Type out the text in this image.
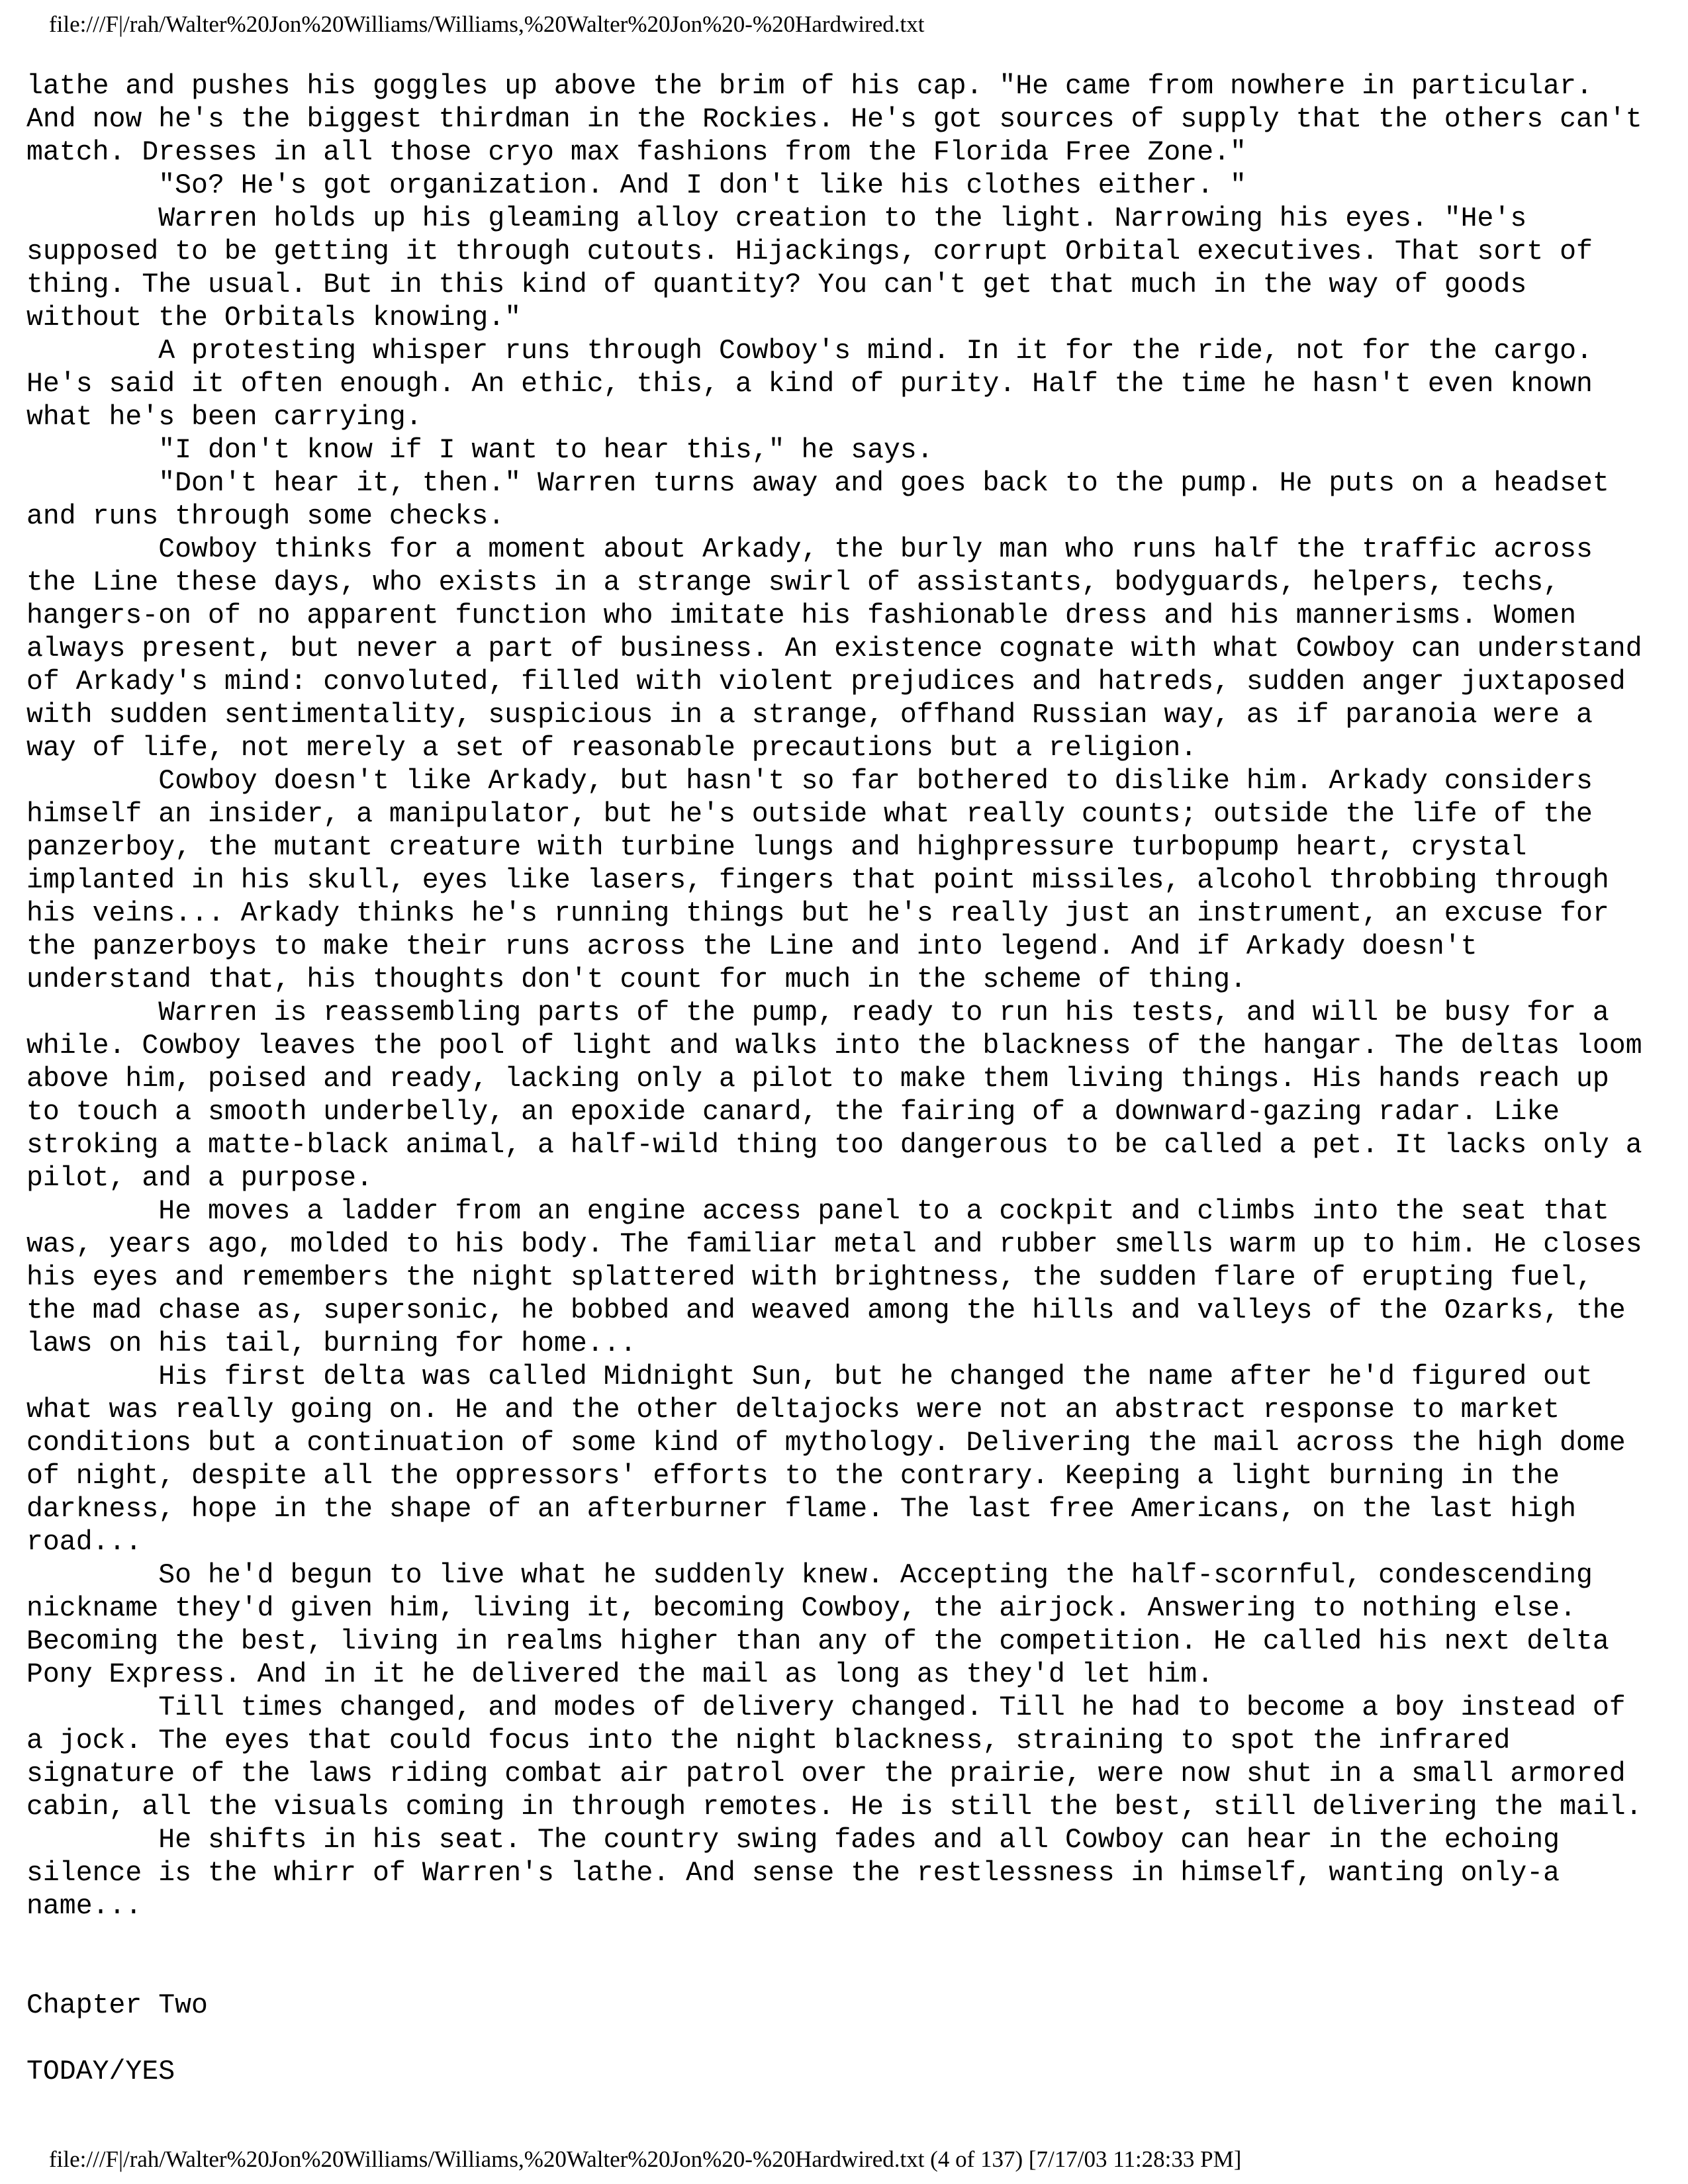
file:///F|/rah/Walter%20Jon%20Williams/Williams,%20Walter%20Jon%20-%20Hardwired.txt
lathe and pushes his goggles up above the brim of his cap. "He came from nowhere in particular.
And now he's the biggest thirdman in the Rockies. He's got sources of supply that the others can't
match. Dresses in all those cryo max fashions from the Florida Free Zone."
"So? He's got organization. And I don't like his clothes either. "
Warren holds up his gleaming alloy creation to the light. Narrowing his eyes. "He's
supposed to be getting it through cutouts. Hijackings, corrupt Orbital executives. That sort of
thing. The usual. But in this kind of quantity? You can't get that much in the way of goods
without the Orbitals knowing."
A protesting whisper runs through Cowboy's mind. In it for the ride, not for the cargo.
He's said it often enough. An ethic, this, a kind of purity. Half the time he hasn't even known
what he's been carrying.
"I don't know if I want to hear this," he says.
"Don't hear it, then." Warren turns away and goes back to the pump. He puts on a headset
and runs through some checks.
Cowboy thinks for a moment about Arkady, the burly man who runs half the traffic across
the Line these days, who exists in a strange swirl of assistants, bodyguards, helpers, techs,
hangers-on of no apparent function who imitate his fashionable dress and his mannerisms. Women
always present, but never a part of business. An existence cognate with what Cowboy can understand
of Arkady's mind: convoluted, filled with violent prejudices and hatreds, sudden anger juxtaposed
with sudden sentimentality, suspicious in a strange, offhand Russian way, as if paranoia were a
way of life, not merely a set of reasonable precautions but a religion.
Cowboy doesn't like Arkady, but hasn't so far bothered to dislike him. Arkady considers
himself an insider, a manipulator, but he's outside what really counts; outside the life of the
panzerboy, the mutant creature with turbine lungs and highpressure turbopump heart, crystal
implanted in his skull, eyes like lasers, fingers that point missiles, alcohol throbbing through
his veins... Arkady thinks he's running things but he's really just an instrument, an excuse for
the panzerboys to make their runs across the Line and into legend. And if Arkady doesn't
understand that, his thoughts don't count for much in the scheme of thing.
Warren is reassembling parts of the pump, ready to run his tests, and will be busy for a
while. Cowboy leaves the pool of light and walks into the blackness of the hangar. The deltas loom
above him, poised and ready, lacking only a pilot to make them living things. His hands reach up
to touch a smooth underbelly, an epoxide canard, the fairing of a downward-gazing radar. Like
stroking a matte-black animal, a half-wild thing too dangerous to be called a pet. It lacks only a
pilot, and a purpose.
He moves a ladder from an engine access panel to a cockpit and climbs into the seat that
was, years ago, molded to his body. The familiar metal and rubber smells warm up to him. He closes
his eyes and remembers the night splattered with brightness, the sudden flare of erupting fuel,
the mad chase as, supersonic, he bobbed and weaved among the hills and valleys of the Ozarks, the
laws on his tail, burning for home...
His first delta was called Midnight Sun, but he changed the name after he'd figured out
what was really going on. He and the other deltajocks were not an abstract response to market
conditions but a continuation of some kind of mythology. Delivering the mail across the high dome
of night, despite all the oppressors' efforts to the contrary. Keeping a light burning in the
darkness, hope in the shape of an afterburner flame. The last free Americans, on the last high
road...
So he'd begun to live what he suddenly knew. Accepting the half-scornful, condescending
nickname they'd given him, living it, becoming Cowboy, the airjock. Answering to nothing else.
Becoming the best, living in realms higher than any of the competition. He called his next delta
Pony Express. And in it he delivered the mail as long as they'd let him.
Till times changed, and modes of delivery changed. Till he had to become a boy instead of
a jock. The eyes that could focus into the night blackness, straining to spot the infrared
signature of the laws riding combat air patrol over the prairie, were now shut in a small armored
cabin, all the visuals coming in through remotes. He is still the best, still delivering the mail.
He shifts in his seat. The country swing fades and all Cowboy can hear in the echoing
silence is the whirr of Warren's lathe. And sense the restlessness in himself, wanting only-a
name...
Chapter Two
TODAY/YES
file:///F|/rah/Walter%20Jon%20Williams/Williams,%20Walter%20Jon%20-%20Hardwired.txt (4 of 137) [7/17/03 11:28:33 PM]
